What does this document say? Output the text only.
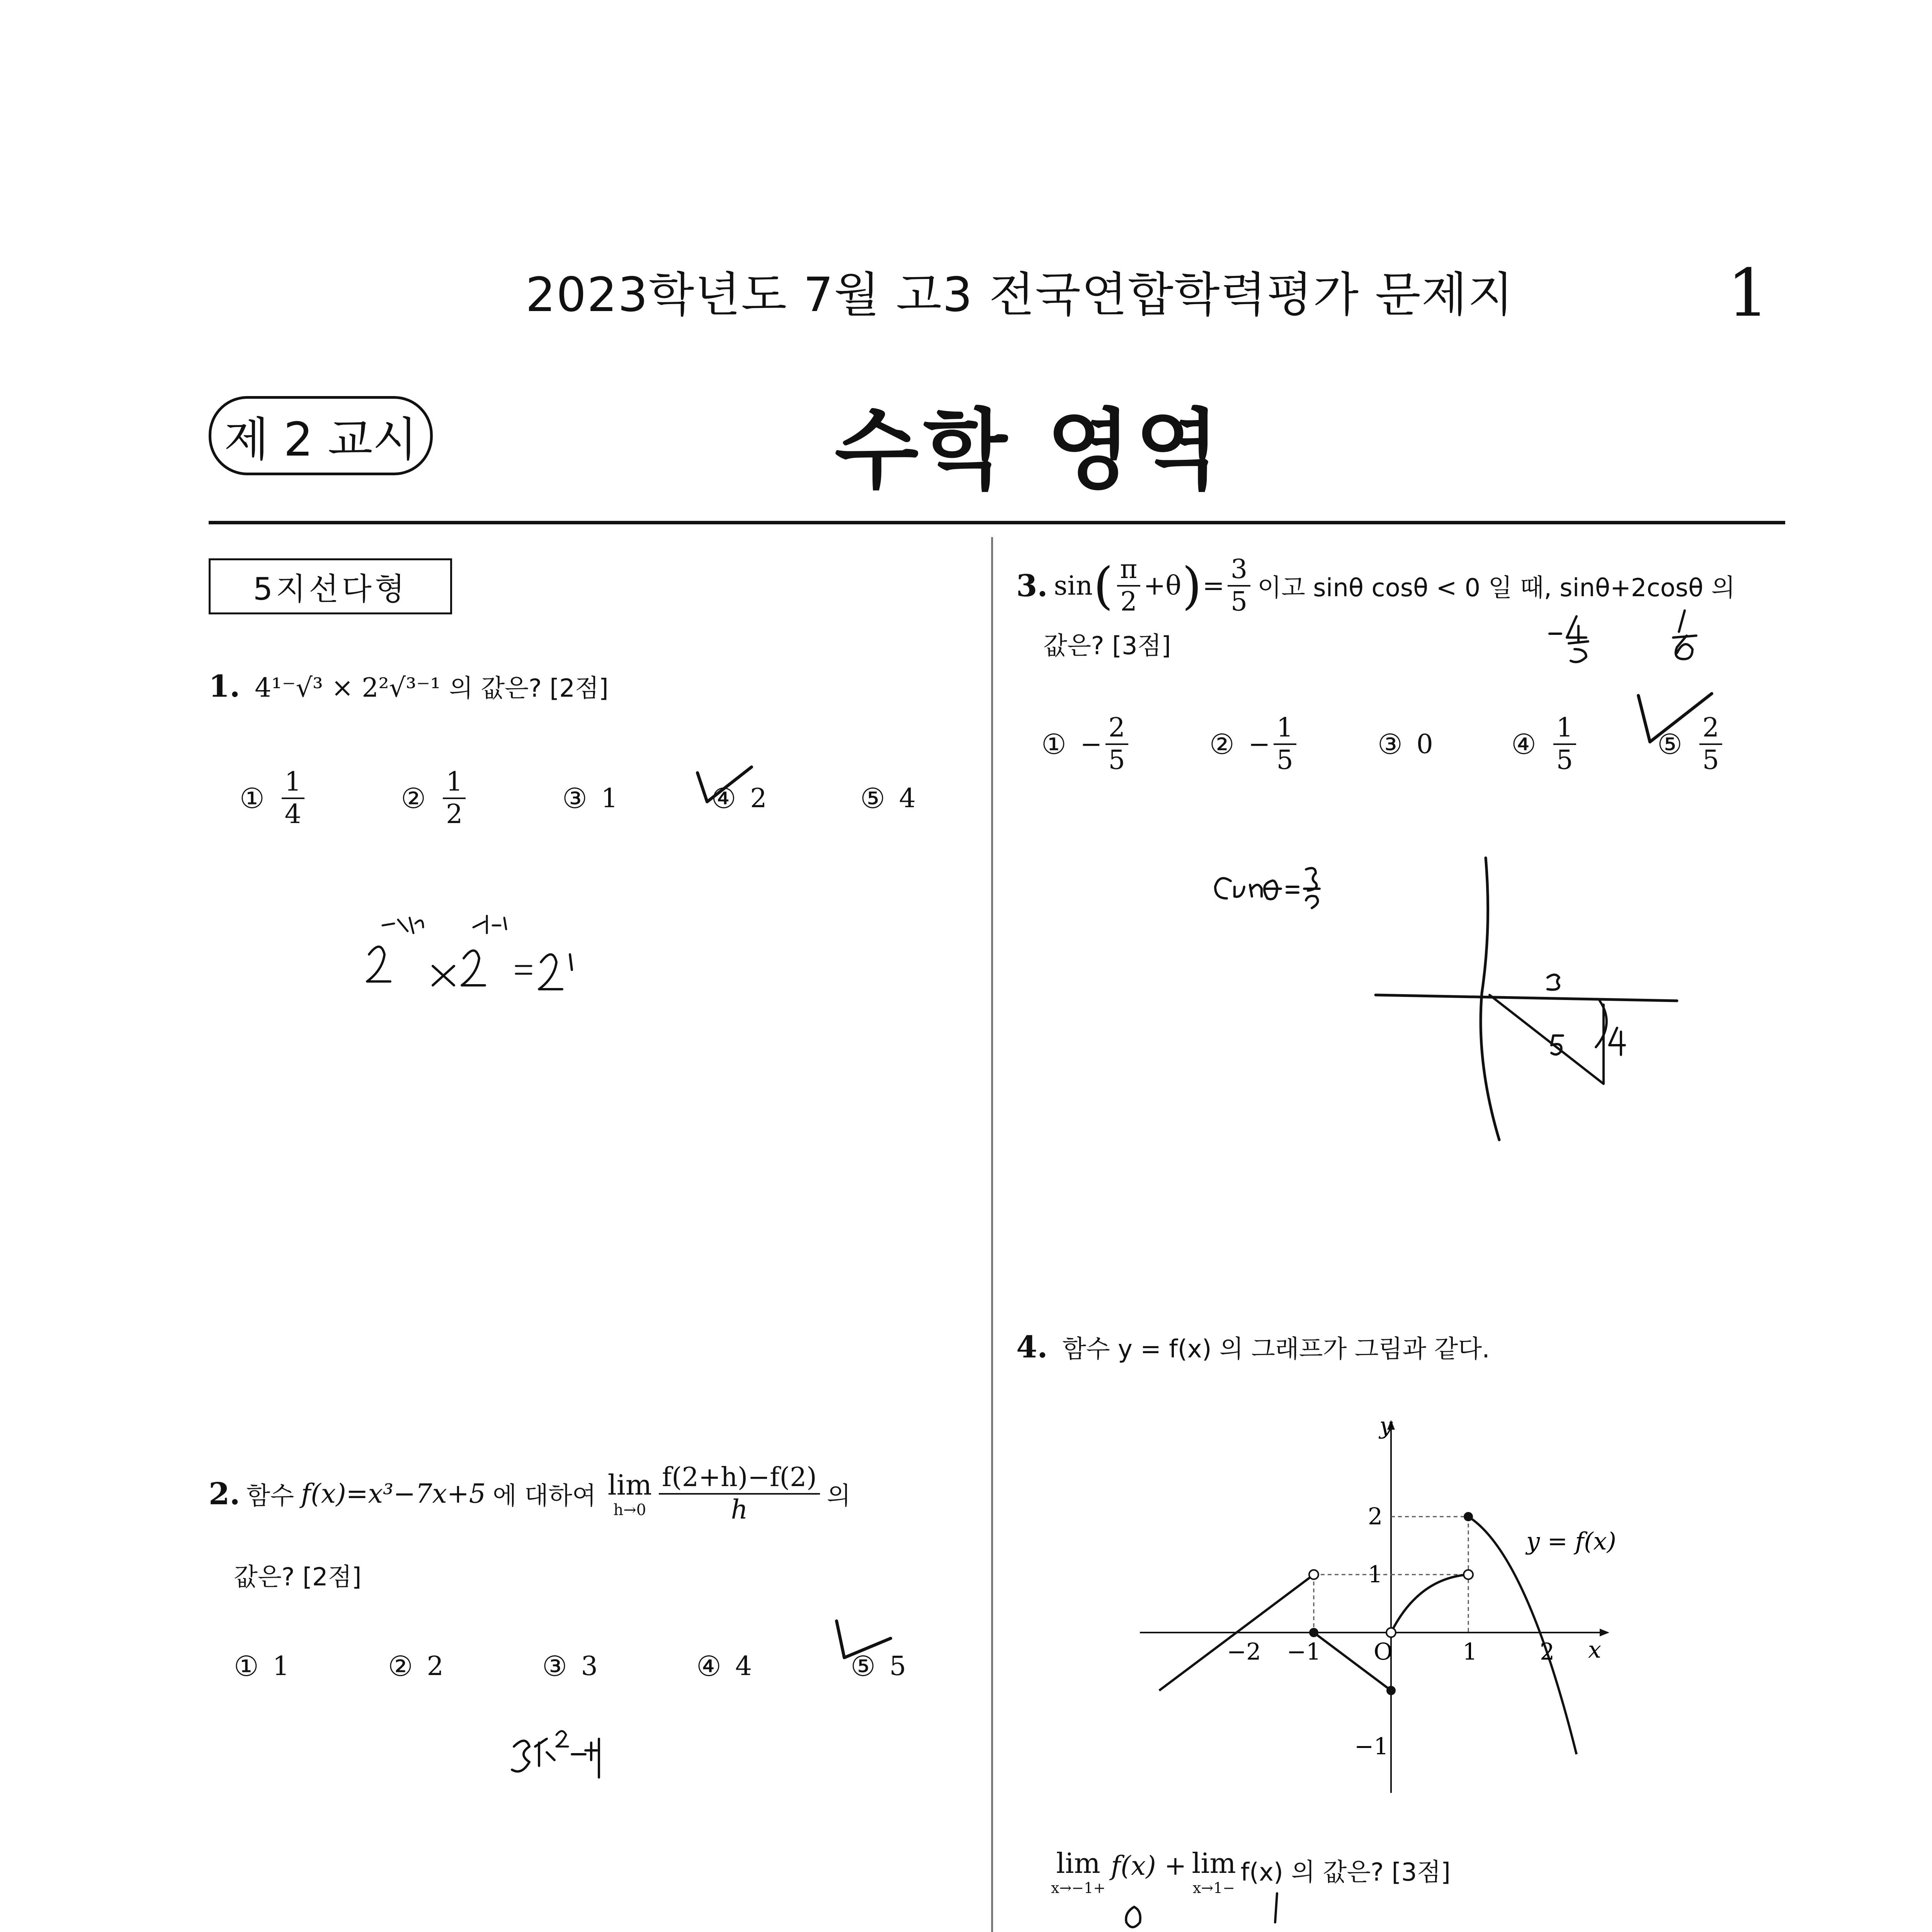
2023학년도 7월 고3 전국연합학력평가 문제지	1
제 2 교시	수학 영역
5지선다형
1. 4¹⁻√³ × 2²√³⁻¹ 의 값은? [2점]
① $\frac{1}{4}$	② $\frac{1}{2}$	③ 1	④ 2	⑤ 4
2. 함수 f(x)=x³−7x+5 에 대하여 lim
$h\to 0 \frac{f(2+h)-f(2)}{h}$ 의
값은? [2점]
① 1	② 2	③ 3	④ 4	⑤ 5
3. sin ( $\frac{\pi}{2} +\theta$ ) = $\frac{3}{5}$ 이고 sinθ cosθ < 0 일 때, sinθ+2cosθ 의
값은? [3점]
① − $\frac{2}{5}$	② − $\frac{1}{5}$	③ 0	④ $\frac{1}{5}$	⑤ $\frac{2}{5}$
4. 함수 y = f(x) 의 그래프가 그림과 같다.
y
x
O
−2 −1	1	2
2
1
−1
y = f(x)
lim
x→−1+
f(x) + lim
x→1−
f(x) 의 값은? [3점]
